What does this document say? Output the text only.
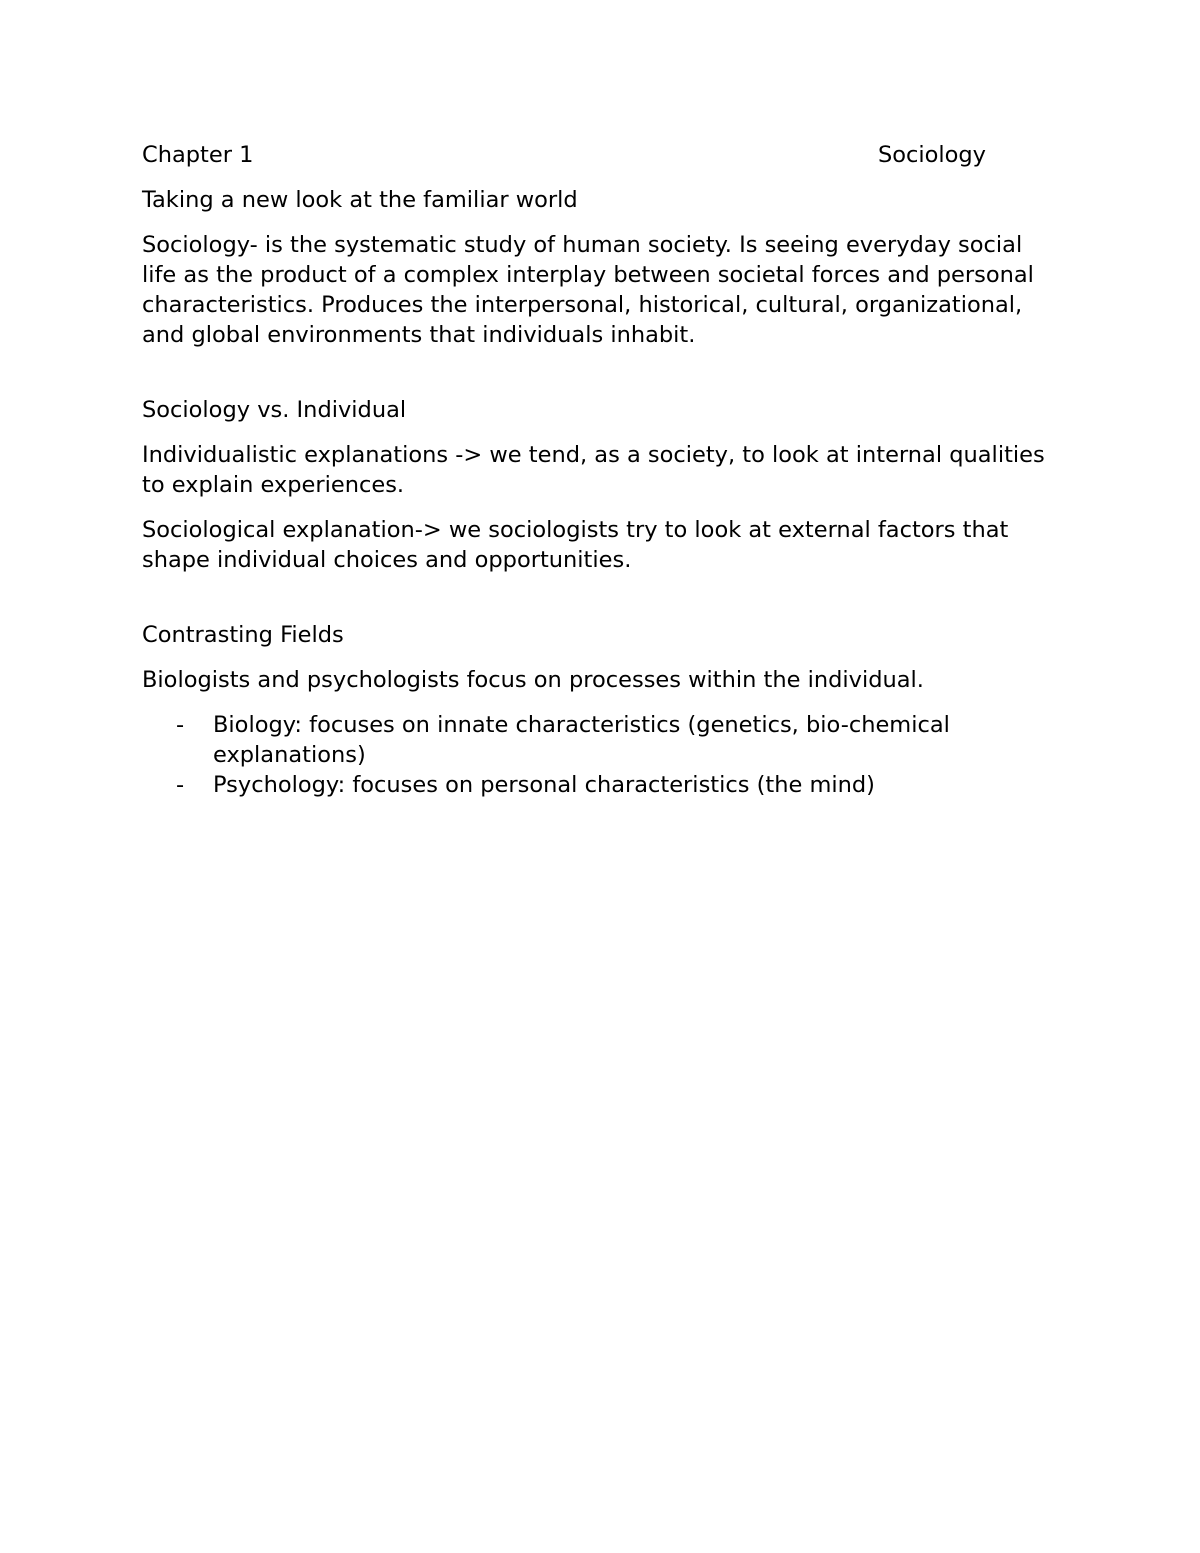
Chapter 1	Sociology

Taking a new look at the familiar world

Sociology- is the systematic study of human society. Is seeing everyday social life as the product of a complex interplay between societal forces and personal characteristics. Produces the interpersonal, historical, cultural, organizational, and global environments that individuals inhabit.

Sociology vs. Individual

Individualistic explanations -> we tend, as a society, to look at internal qualities to explain experiences.

Sociological explanation-> we sociologists try to look at external factors that shape individual choices and opportunities.

Contrasting Fields

Biologists and psychologists focus on processes within the individual.

- Biology: focuses on innate characteristics (genetics, bio-chemical explanations)
- Psychology: focuses on personal characteristics (the mind)
